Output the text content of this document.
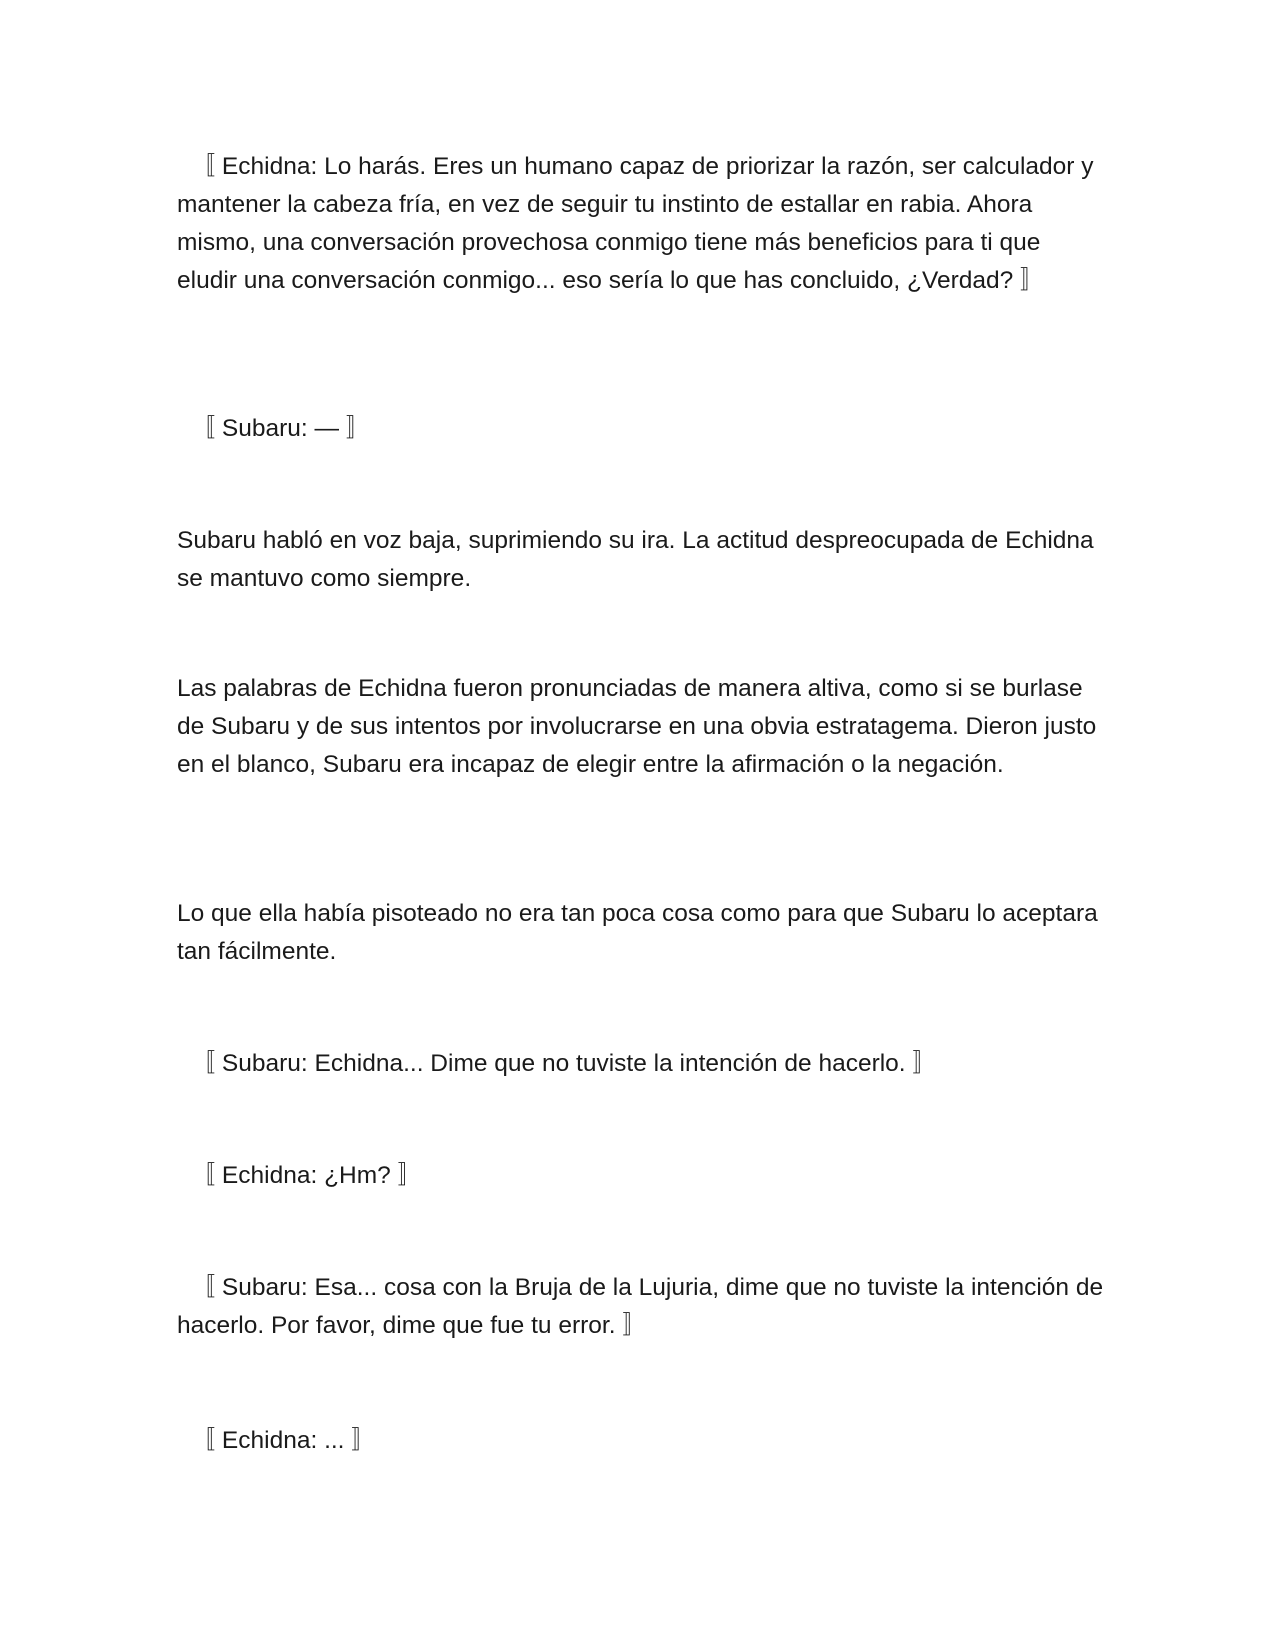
〚 Echidna: Lo harás. Eres un humano capaz de priorizar la razón, ser calculador y mantener la cabeza fría, en vez de seguir tu instinto de estallar en rabia. Ahora mismo, una conversación provechosa conmigo tiene más beneficios para ti que eludir una conversación conmigo... eso sería lo que has concluido, ¿Verdad? 〛

〚 Subaru: — 〛

Subaru habló en voz baja, suprimiendo su ira. La actitud despreocupada de Echidna se mantuvo como siempre.

Las palabras de Echidna fueron pronunciadas de manera altiva, como si se burlase de Subaru y de sus intentos por involucrarse en una obvia estratagema. Dieron justo en el blanco, Subaru era incapaz de elegir entre la afirmación o la negación.

Lo que ella había pisoteado no era tan poca cosa como para que Subaru lo aceptara tan fácilmente.

〚 Subaru: Echidna... Dime que no tuviste la intención de hacerlo. 〛

〚 Echidna: ¿Hm? 〛

〚 Subaru: Esa... cosa con la Bruja de la Lujuria, dime que no tuviste la intención de hacerlo. Por favor, dime que fue tu error. 〛

〚 Echidna: ... 〛
